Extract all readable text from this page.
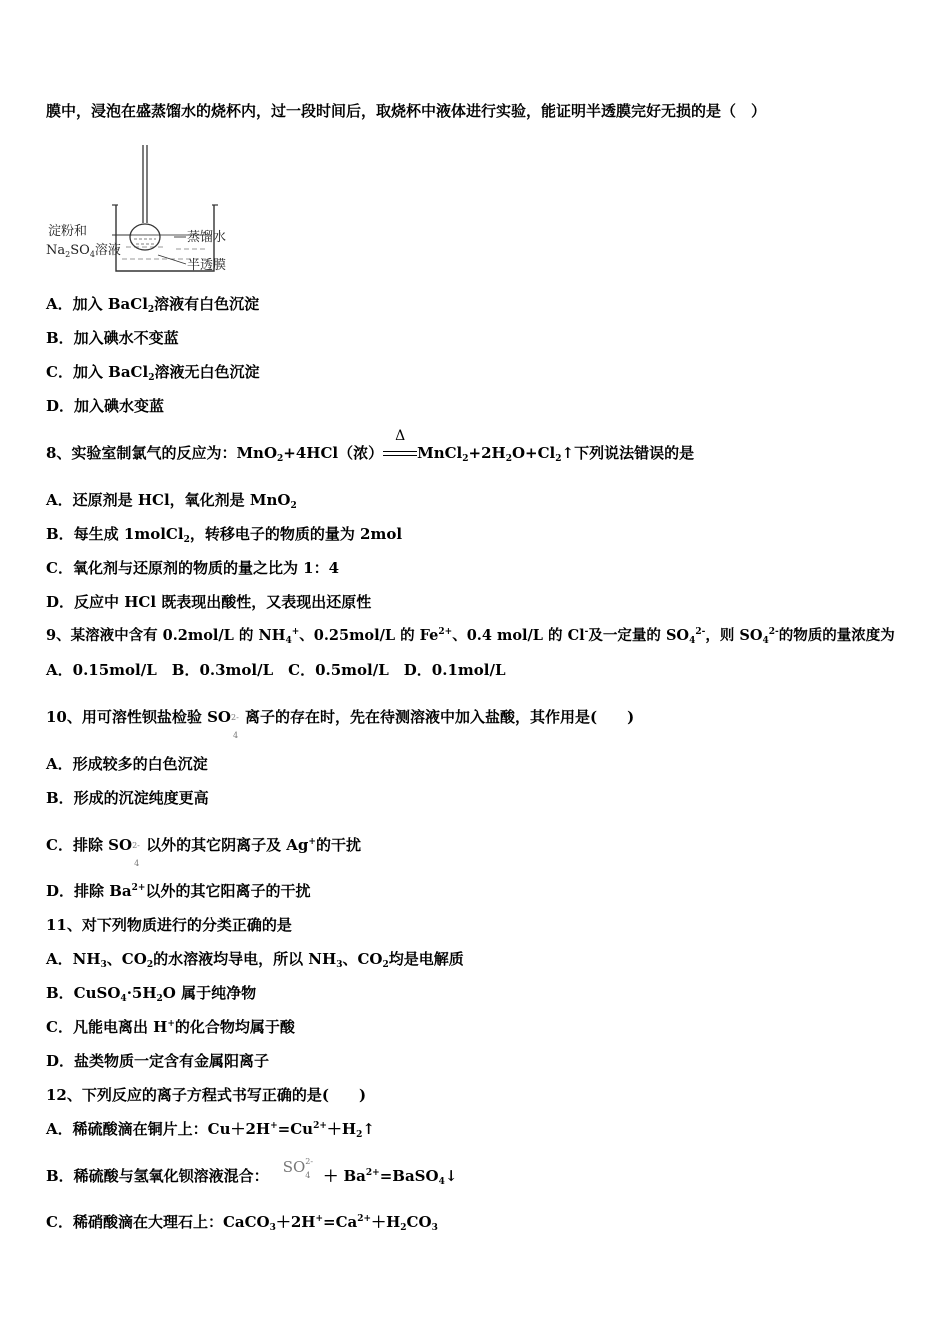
膜中，浸泡在盛蒸馏水的烧杯内，过一段时间后，取烧杯中液体进行实验，能证明半透膜完好无损的是（　）
淀粉和
$Na_2SO_4$溶液
蒸馏水
半透膜
A．加入 BaCl$_2$溶液有白色沉淀
B．加入碘水不变蓝
C．加入 BaCl$_2$溶液无白色沉淀
D．加入碘水变蓝
8、实验室制氯气的反应为：MnO$_2$+4HCl（浓）
Δ
$MnCl_2+2H_2O+Cl_2↑$下列说法错误的是
A．还原剂是 HCl，氧化剂是 MnO$_2$
B．每生成 1molCl$_2$，转移电子的物质的量为 2mol
C．氧化剂与还原剂的物质的量之比为 1：4
D．反应中 HCl 既表现出酸性，又表现出还原性
9、某溶液中含有 0.2mol/L 的 $NH_4^+$、0.25mol/L 的 $Fe^{2+}$、0.4 mol/L 的 Cl-及一定量的 $SO_4^{2-}$，则 $SO_4^{2-}$的物质的量浓度为
A．0.15mol/L　B．0.3mol/L　C．0.5mol/L　D．0.1mol/L
10、用可溶性钡盐检验 SO 2-
4
离子的存在时，先在待测溶液中加入盐酸，其作用是(　　)
A．形成较多的白色沉淀
B．形成的沉淀纯度更高
C．排除 SO 2-
4
以外的其它阴离子及 Ag+的干扰
D．排除 $Ba^{2+}$以外的其它阳离子的干扰
11、对下列物质进行的分类正确的是
A．$NH_3$、$CO_2$的水溶液均导电，所以 $NH_3$、$CO_2$均是电解质
B．$CuSO_4\cdot 5H_2O$ 属于纯净物
C．凡能电离出 H+的化合物均属于酸
D．盐类物质一定含有金属阳离子
12、下列反应的离子方程式书写正确的是(　　)
A．稀硫酸滴在铜片上：$Cu+2H^+=Cu^{2+}+H_2↑$
B．稀硫酸与氢氧化钡溶液混合： SO 2-
$4 + Ba^{2+}=BaSO_4↓$
C．稀硝酸滴在大理石上：$CaCO_3+2H^+=Ca^{2+}+H_2CO_3$
